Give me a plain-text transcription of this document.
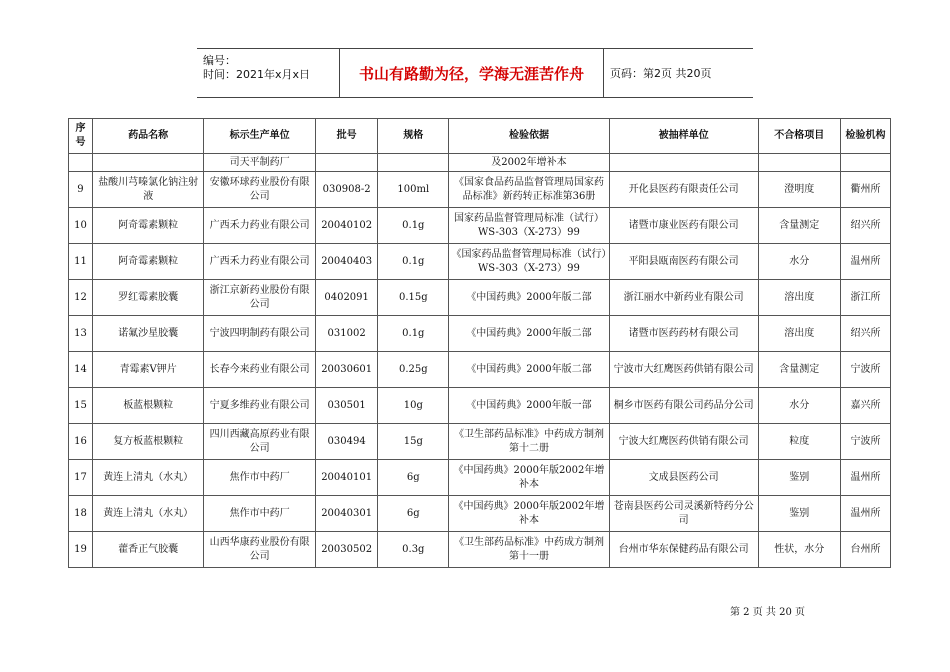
编号：
时间：2021年x月x日	书山有路勤为径，学海无涯苦作舟	页码：第2页 共20页
序号	药品名称	标示生产单位	批号	规格	检验依据	被抽样单位	不合格项目	检验机构
		司天平制药厂			及2002年增补本			
9	盐酸川芎嗪氯化钠注射液	安徽环球药业股份有限公司	030908-2	100ml	《国家食品药品监督管理局国家药品标准》新药转正标准第36册	开化县医药有限责任公司	澄明度	衢州所
10	阿奇霉素颗粒	广西禾力药业有限公司	20040102	0.1g	国家药品监督管理局标准（试行）WS-303（X-273）99	诸暨市康业医药有限公司	含量测定	绍兴所
11	阿奇霉素颗粒	广西禾力药业有限公司	20040403	0.1g	《国家药品监督管理局标准（试行）WS-303（X-273）99	平阳县瓯南医药有限公司	水分	温州所
12	罗红霉素胶囊	浙江京新药业股份有限公司	0402091	0.15g	《中国药典》2000年版二部	浙江丽水中新药业有限公司	溶出度	浙江所
13	诺氟沙星胶囊	宁波四明制药有限公司	031002	0.1g	《中国药典》2000年版二部	诸暨市医药药材有限公司	溶出度	绍兴所
14	青霉素V钾片	长春今来药业有限公司	20030601	0.25g	《中国药典》2000年版二部	宁波市大红鹰医药供销有限公司	含量测定	宁波所
15	板蓝根颗粒	宁夏多维药业有限公司	030501	10g	《中国药典》2000年版一部	桐乡市医药有限公司药品分公司	水分	嘉兴所
16	复方板蓝根颗粒	四川西藏高原药业有限公司	030494	15g	《卫生部药品标准》中药成方制剂第十二册	宁波大红鹰医药供销有限公司	粒度	宁波所
17	黄连上清丸（水丸）	焦作市中药厂	20040101	6g	《中国药典》2000年版2002年增补本	文成县医药公司	鉴别	温州所
18	黄连上清丸（水丸）	焦作市中药厂	20040301	6g	《中国药典》2000年版2002年增补本	苍南县医药公司灵溪新特药分公司	鉴别	温州所
19	藿香正气胶囊	山西华康药业股份有限公司	20030502	0.3g	《卫生部药品标准》中药成方制剂第十一册	台州市华东保健药品有限公司	性状，水分	台州所
第 2 页 共 20 页
